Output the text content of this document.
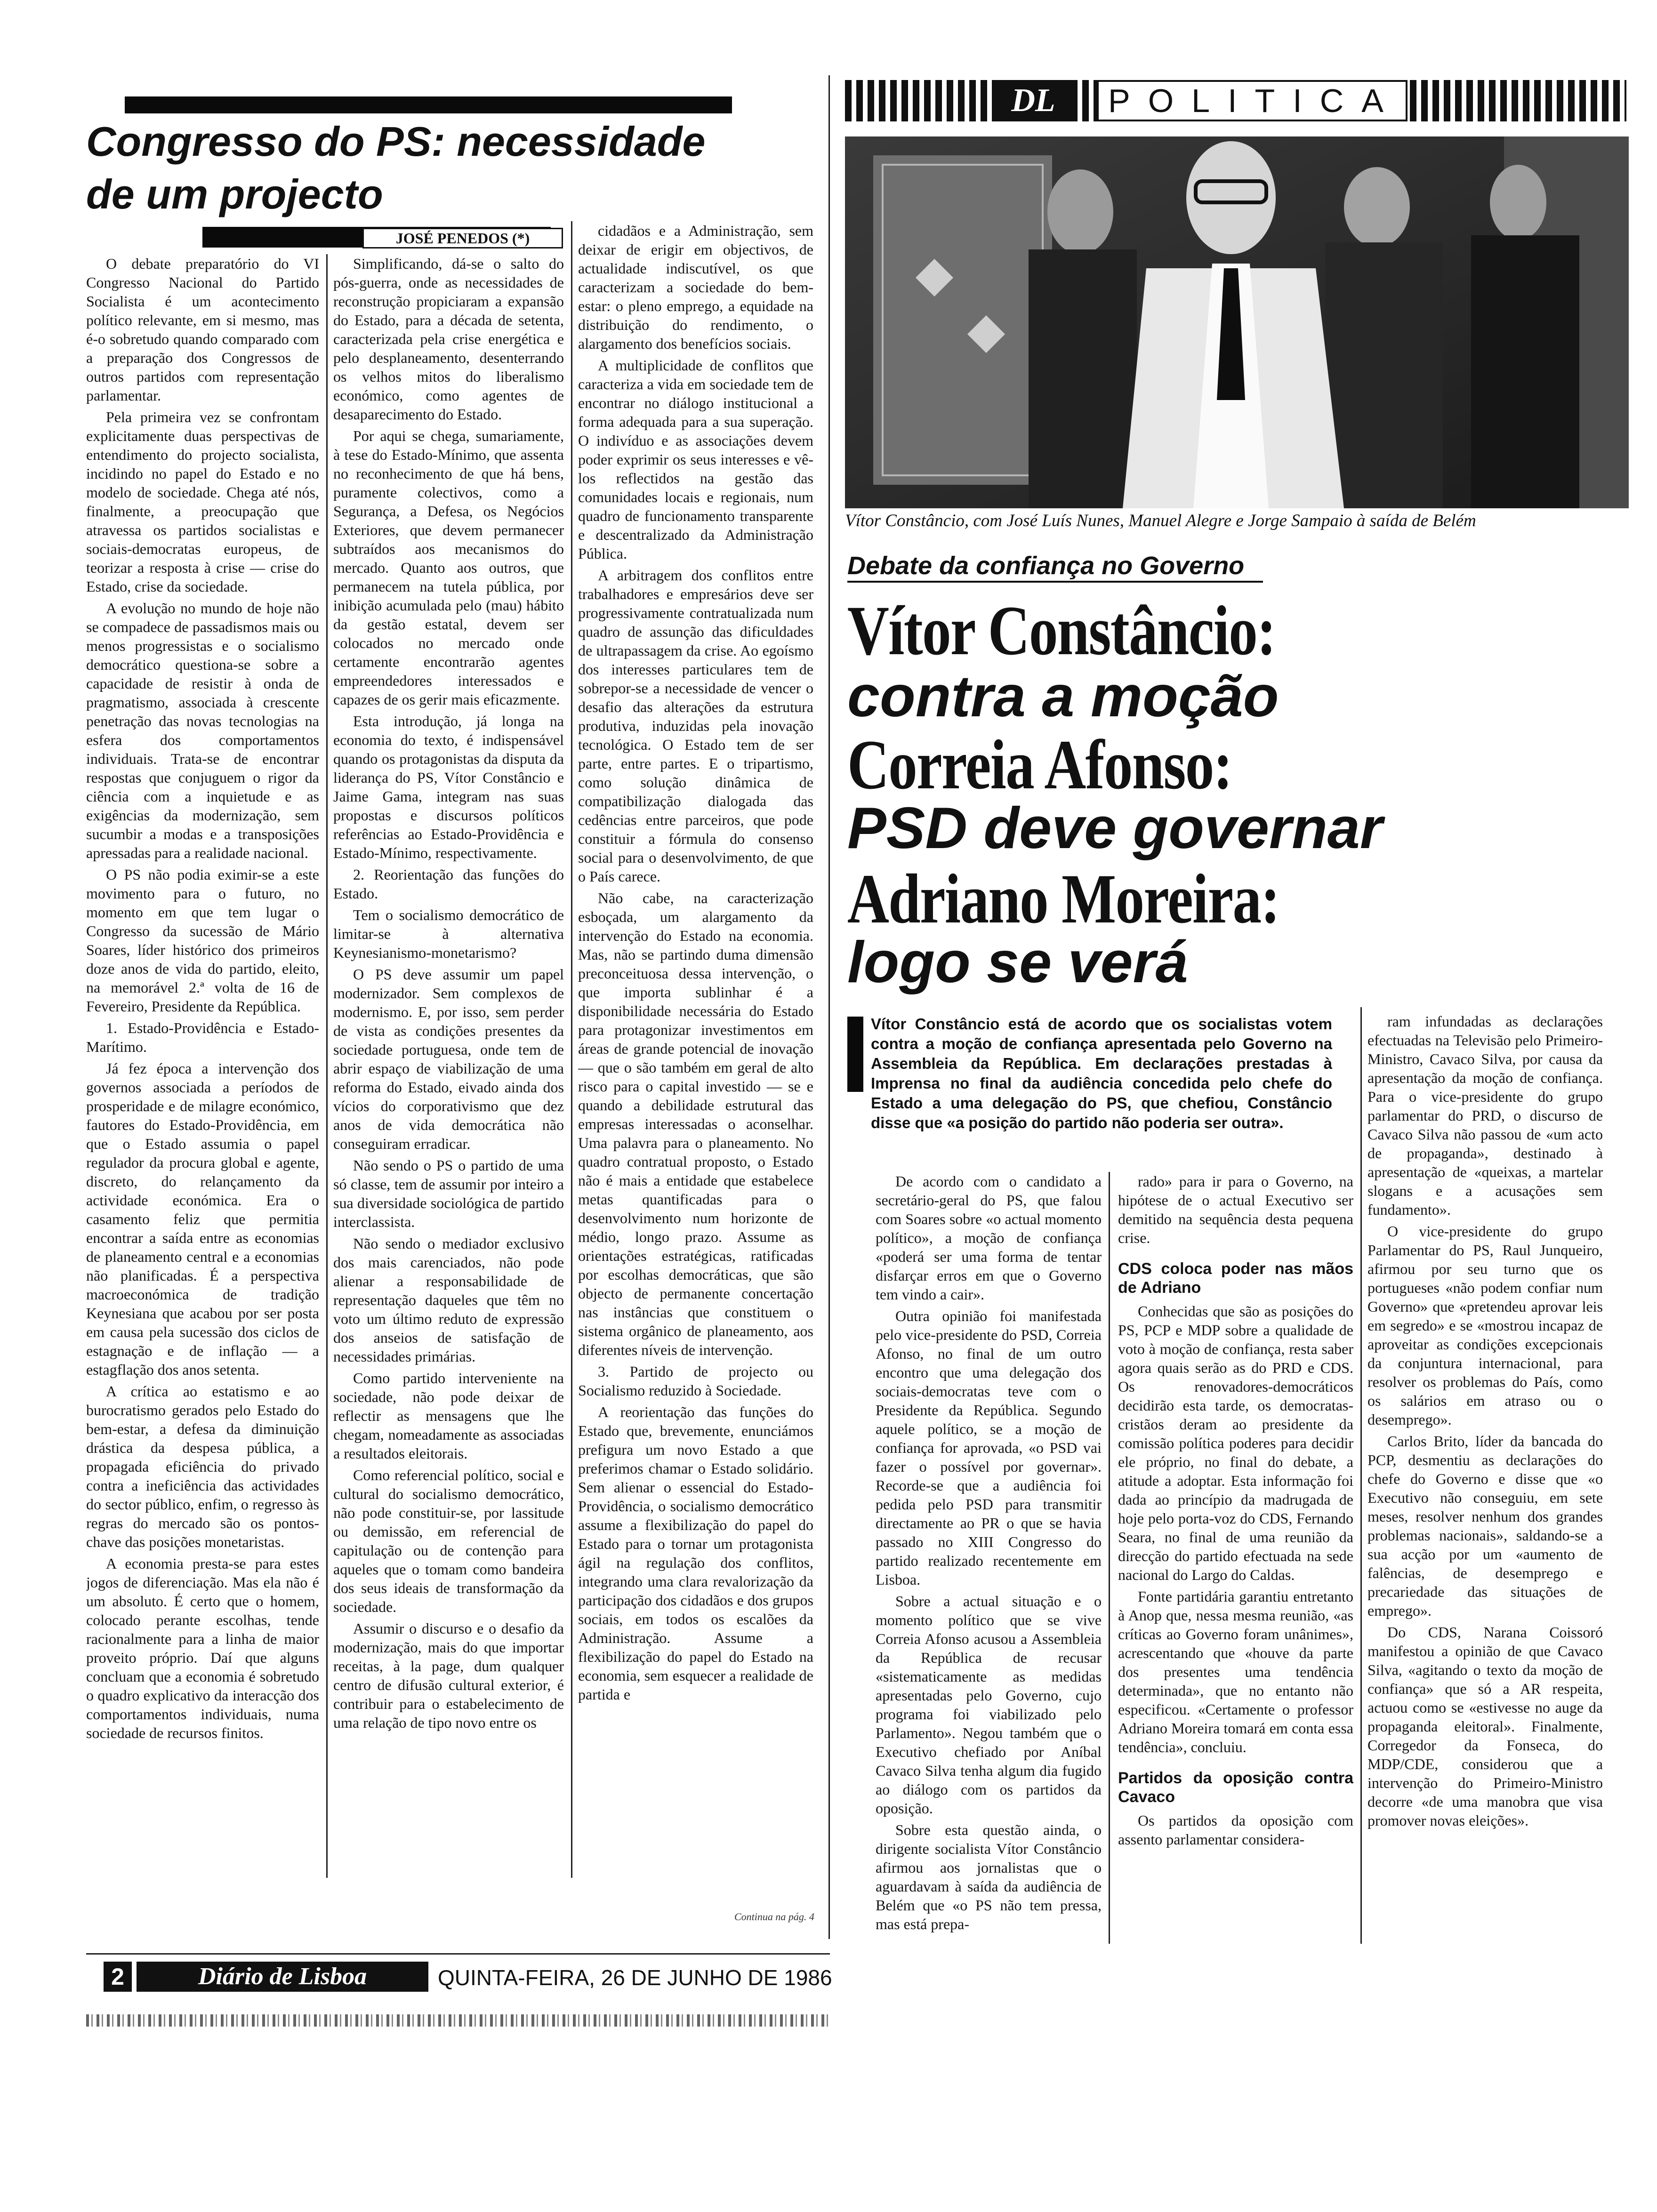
Congresso do PS: necessidade
de um projecto
JOSÉ PENEDOS (*)

O debate preparatório do VI Congresso Nacional do Partido Socialista é um acontecimento político relevante, em si mesmo, mas é-o sobretudo quando comparado com a preparação dos Congressos de outros partidos com representação parlamentar.

Pela primeira vez se confrontam explicitamente duas perspectivas de entendimento do projecto socialista, incidindo no papel do Estado e no modelo de sociedade. Chega até nós, finalmente, a preocupação que atravessa os partidos socialistas e sociais-democratas europeus, de teorizar a resposta à crise — crise do Estado, crise da sociedade.

A evolução no mundo de hoje não se compadece de passadismos mais ou menos progressistas e o socialismo democrático questiona-se sobre a capacidade de resistir à onda de pragmatismo, associada à crescente penetração das novas tecnologias na esfera dos comportamentos individuais. Trata-se de encontrar respostas que conjuguem o rigor da ciência com a inquietude e as exigências da modernização, sem sucumbir a modas e a transposições apressadas para a realidade nacional.

O PS não podia eximir-se a este movimento para o futuro, no momento em que tem lugar o Congresso da sucessão de Mário Soares, líder histórico dos primeiros doze anos de vida do partido, eleito, na memorável 2.ª volta de 16 de Fevereiro, Presidente da República.

1. Estado-Providência e Estado-Marítimo.

Já fez época a intervenção dos governos associada a períodos de prosperidade e de milagre económico, fautores do Estado-Providência, em que o Estado assumia o papel regulador da procura global e agente, discreto, do relançamento da actividade económica. Era o casamento feliz que permitia encontrar a saída entre as economias de planeamento central e a economias não planificadas. É a perspectiva macroeconómica de tradição Keynesiana que acabou por ser posta em causa pela sucessão dos ciclos de estagnação e de inflação — a estagflação dos anos setenta.

A crítica ao estatismo e ao burocratismo gerados pelo Estado do bem-estar, a defesa da diminuição drástica da despesa pública, a propagada eficiência do privado contra a ineficiência das actividades do sector público, enfim, o regresso às regras do mercado são os pontos-chave das posições monetaristas.

A economia presta-se para estes jogos de diferenciação. Mas ela não é um absoluto. É certo que o homem, colocado perante escolhas, tende racionalmente para a linha de maior proveito próprio. Daí que alguns concluam que a economia é sobretudo o quadro explicativo da interacção dos comportamentos individuais, numa sociedade de recursos finitos.

Simplificando, dá-se o salto do pós-guerra, onde as necessidades de reconstrução propiciaram a expansão do Estado, para a década de setenta, caracterizada pela crise energética e pelo desplaneamento, desenterrando os velhos mitos do liberalismo económico, como agentes de desaparecimento do Estado.

Por aqui se chega, sumariamente, à tese do Estado-Mínimo, que assenta no reconhecimento de que há bens, puramente colectivos, como a Segurança, a Defesa, os Negócios Exteriores, que devem permanecer subtraídos aos mecanismos do mercado. Quanto aos outros, que permanecem na tutela pública, por inibição acumulada pelo (mau) hábito da gestão estatal, devem ser colocados no mercado onde certamente encontrarão agentes empreendedores interessados e capazes de os gerir mais eficazmente.

Esta introdução, já longa na economia do texto, é indispensável quando os protagonistas da disputa da liderança do PS, Vítor Constâncio e Jaime Gama, integram nas suas propostas e discursos políticos referências ao Estado-Providência e Estado-Mínimo, respectivamente.

2. Reorientação das funções do Estado.

Tem o socialismo democrático de limitar-se à alternativa Keynesianismo-monetarismo?

O PS deve assumir um papel modernizador. Sem complexos de modernismo. E, por isso, sem perder de vista as condições presentes da sociedade portuguesa, onde tem de abrir espaço de viabilização de uma reforma do Estado, eivado ainda dos vícios do corporativismo que dez anos de vida democrática não conseguiram erradicar.

Não sendo o PS o partido de uma só classe, tem de assumir por inteiro a sua diversidade sociológica de partido interclassista.

Não sendo o mediador exclusivo dos mais carenciados, não pode alienar a responsabilidade de representação daqueles que têm no voto um último reduto de expressão dos anseios de satisfação de necessidades primárias.

Como partido interveniente na sociedade, não pode deixar de reflectir as mensagens que lhe chegam, nomeadamente as associadas a resultados eleitorais.

Como referencial político, social e cultural do socialismo democrático, não pode constituir-se, por lassitude ou demissão, em referencial de capitulação ou de contenção para aqueles que o tomam como bandeira dos seus ideais de transformação da sociedade.

Assumir o discurso e o desafio da modernização, mais do que importar receitas, à la page, dum qualquer centro de difusão cultural exterior, é contribuir para o estabelecimento de uma relação de tipo novo entre os

cidadãos e a Administração, sem deixar de erigir em objectivos, de actualidade indiscutível, os que caracterizam a sociedade do bem-estar: o pleno emprego, a equidade na distribuição do rendimento, o alargamento dos benefícios sociais.

A multiplicidade de conflitos que caracteriza a vida em sociedade tem de encontrar no diálogo institucional a forma adequada para a sua superação. O indivíduo e as associações devem poder exprimir os seus interesses e vê-los reflectidos na gestão das comunidades locais e regionais, num quadro de funcionamento transparente e descentralizado da Administração Pública.

A arbitragem dos conflitos entre trabalhadores e empresários deve ser progressivamente contratualizada num quadro de assunção das dificuldades de ultrapassagem da crise. Ao egoísmo dos interesses particulares tem de sobrepor-se a necessidade de vencer o desafio das alterações da estrutura produtiva, induzidas pela inovação tecnológica. O Estado tem de ser parte, entre partes. E o tripartismo, como solução dinâmica de compatibilização dialogada das cedências entre parceiros, que pode constituir a fórmula do consenso social para o desenvolvimento, de que o País carece.

Não cabe, na caracterização esboçada, um alargamento da intervenção do Estado na economia. Mas, não se partindo duma dimensão preconceituosa dessa intervenção, o que importa sublinhar é a disponibilidade necessária do Estado para protagonizar investimentos em áreas de grande potencial de inovação — que o são também em geral de alto risco para o capital investido — se e quando a debilidade estrutural das empresas interessadas o aconselhar. Uma palavra para o planeamento. No quadro contratual proposto, o Estado não é mais a entidade que estabelece metas quantificadas para o desenvolvimento num horizonte de médio, longo prazo. Assume as orientações estratégicas, ratificadas por escolhas democráticas, que são objecto de permanente concertação nas instâncias que constituem o sistema orgânico de planeamento, aos diferentes níveis de intervenção.

3. Partido de projecto ou Socialismo reduzido à Sociedade.

A reorientação das funções do Estado que, brevemente, enunciámos prefigura um novo Estado a que preferimos chamar o Estado solidário. Sem alienar o essencial do Estado-Providência, o socialismo democrático assume a flexibilização do papel do Estado para o tornar um protagonista ágil na regulação dos conflitos, integrando uma clara revalorização da participação dos cidadãos e dos grupos sociais, em todos os escalões da Administração. Assume a flexibilização do papel do Estado na economia, sem esquecer a realidade de partida e

Continua na pág. 4
DL POLITICA
Vítor Constâncio, com José Luís Nunes, Manuel Alegre e Jorge Sampaio à saída de Belém
Debate da confiança no Governo
Vítor Constâncio:
contra a moção
Correia Afonso:
PSD deve governar
Adriano Moreira:
logo se verá
Vítor Constâncio está de acordo que os socialistas votem contra a moção de confiança apresentada pelo Governo na Assembleia da República. Em declarações prestadas à Imprensa no final da audiência concedida pelo chefe do Estado a uma delegação do PS, que chefiou, Constâncio disse que «a posição do partido não poderia ser outra».

De acordo com o candidato a secretário-geral do PS, que falou com Soares sobre «o actual momento político», a moção de confiança «poderá ser uma forma de tentar disfarçar erros em que o Governo tem vindo a cair».

Outra opinião foi manifestada pelo vice-presidente do PSD, Correia Afonso, no final de um outro encontro que uma delegação dos sociais-democratas teve com o Presidente da República. Segundo aquele político, se a moção de confiança for aprovada, «o PSD vai fazer o possível por governar». Recorde-se que a audiência foi pedida pelo PSD para transmitir directamente ao PR o que se havia passado no XIII Congresso do partido realizado recentemente em Lisboa.

Sobre a actual situação e o momento político que se vive Correia Afonso acusou a Assembleia da República de recusar «sistematicamente as medidas apresentadas pelo Governo, cujo programa foi viabilizado pelo Parlamento». Negou também que o Executivo chefiado por Aníbal Cavaco Silva tenha algum dia fugido ao diálogo com os partidos da oposição.

Sobre esta questão ainda, o dirigente socialista Vítor Constâncio afirmou aos jornalistas que o aguardavam à saída da audiência de Belém que «o PS não tem pressa, mas está prepa-

rado» para ir para o Governo, na hipótese de o actual Executivo ser demitido na sequência desta pequena crise.

CDS coloca poder nas mãos de Adriano

Conhecidas que são as posições do PS, PCP e MDP sobre a qualidade de voto à moção de confiança, resta saber agora quais serão as do PRD e CDS. Os renovadores-democráticos decidirão esta tarde, os democratas-cristãos deram ao presidente da comissão política poderes para decidir ele próprio, no final do debate, a atitude a adoptar. Esta informação foi dada ao princípio da madrugada de hoje pelo porta-voz do CDS, Fernando Seara, no final de uma reunião da direcção do partido efectuada na sede nacional do Largo do Caldas.

Fonte partidária garantiu entretanto à Anop que, nessa mesma reunião, «as críticas ao Governo foram unânimes», acrescentando que «houve da parte dos presentes uma tendência determinada», que no entanto não especificou. «Certamente o professor Adriano Moreira tomará em conta essa tendência», concluiu.

Partidos da oposição contra Cavaco

Os partidos da oposição com assento parlamentar considera-

ram infundadas as declarações efectuadas na Televisão pelo Primeiro-Ministro, Cavaco Silva, por causa da apresentação da moção de confiança. Para o vice-presidente do grupo parlamentar do PRD, o discurso de Cavaco Silva não passou de «um acto de propaganda», destinado à apresentação de «queixas, a martelar slogans e a acusações sem fundamento».

O vice-presidente do grupo Parlamentar do PS, Raul Junqueiro, afirmou por seu turno que os portugueses «não podem confiar num Governo» que «pretendeu aprovar leis em segredo» e se «mostrou incapaz de aproveitar as condições excepcionais da conjuntura internacional, para resolver os problemas do País, como os salários em atraso ou o desemprego».

Carlos Brito, líder da bancada do PCP, desmentiu as declarações do chefe do Governo e disse que «o Executivo não conseguiu, em sete meses, resolver nenhum dos grandes problemas nacionais», saldando-se a sua acção por um «aumento de falências, de desemprego e precariedade das situações de emprego».

Do CDS, Narana Coissoró manifestou a opinião de que Cavaco Silva, «agitando o texto da moção de confiança» que só a AR respeita, actuou como se «estivesse no auge da propaganda eleitoral». Finalmente, Corregedor da Fonseca, do MDP/CDE, considerou que a intervenção do Primeiro-Ministro decorre «de uma manobra que visa promover novas eleições».

2	Diário de Lisboa	QUINTA-FEIRA, 26 DE JUNHO DE 1986
